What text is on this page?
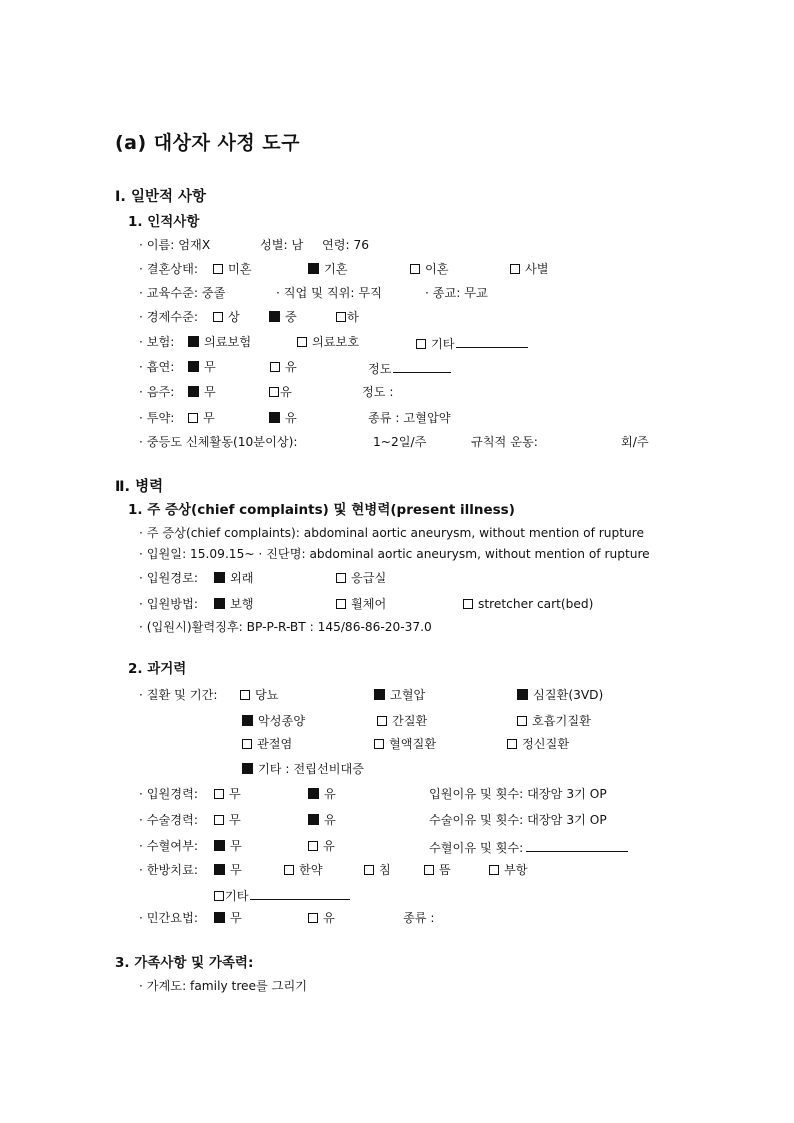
(a) 대상자 사정 도구
Ⅰ. 일반적 사항
1. 인적사항
· 이름: 엄재X	성별: 남 연령: 76
· 결혼상태:	미혼	기혼	이혼	사별
· 교육수준: 중졸	· 직업 및 직위: 무직	· 종교: 무교
· 경제수준:	상	중	하
· 보험:	의료보험	의료보호	기타
· 흡연:	무	유	정도
· 음주:	무	유	정도 :
· 투약:	무	유	종류 : 고혈압약
· 중등도 신체활동(10분이상):	1~2일/주	규칙적 운동:	회/주
Ⅱ. 병력
1. 주 증상(chief complaints) 및 현병력(present illness)
· 주 증상(chief complaints): abdominal aortic aneurysm, without mention of rupture
· 입원일: 15.09.15~ · 진단명: abdominal aortic aneurysm, without mention of rupture
· 입원경로:	외래	응급실
· 입원방법:	보행	휠체어	stretcher cart(bed)
· (입원시)활력징후: BP-P-R-BT : 145/86-86-20-37.0
2. 과거력
· 질환 및 기간:	당뇨	고혈압	심질환(3VD)
악성종양	간질환	호흡기질환
관절염	혈액질환	정신질환
기타 : 전립선비대증
· 입원경력:	무	유	입원이유 및 횟수: 대장암 3기 OP
· 수술경력:	무	유	수술이유 및 횟수: 대장암 3기 OP
· 수혈여부:	무	유	수혈이유 및 횟수:
· 한방치료:	무	한약	침	뜸	부항
기타
· 민간요법:	무	유	종류 :
3. 가족사항 및 가족력:
· 가계도: family tree를 그리기
